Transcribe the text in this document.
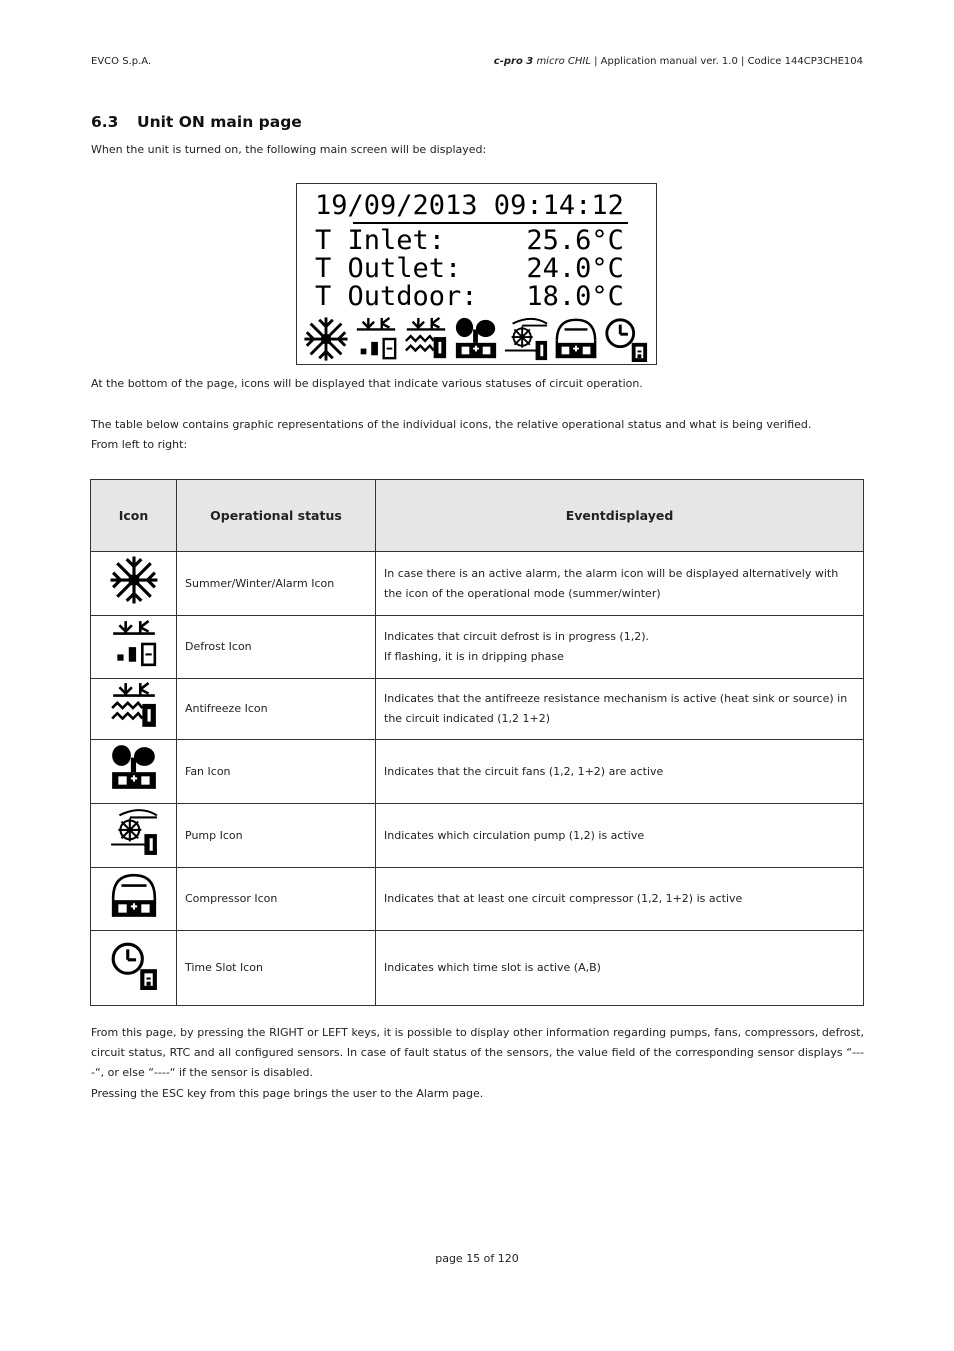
EVCO S.p.A.	c-pro 3 micro CHIL | Application manual ver. 1.0 | Codice 144CP3CHE104
6.3 Unit ON main page
When the unit is turned on, the following main screen will be displayed:
19/09/2013 09:14:12
T Inlet:     25.6°C
T Outlet:    24.0°C
T Outdoor:   18.0°C
At the bottom of the page, icons will be displayed that indicate various statuses of circuit operation.
The table below contains graphic representations of the individual icons, the relative operational status and what is being verified.
From left to right:
Icon	Operational status	Eventdisplayed
	Summer/Winter/Alarm Icon	In case there is an active alarm, the alarm icon will be displayed alternatively with the icon of the operational mode (summer/winter)
	Defrost Icon	Indicates that circuit defrost is in progress (1,2).
If flashing, it is in dripping phase
	Antifreeze Icon	Indicates that the antifreeze resistance mechanism is active (heat sink or source) in the circuit indicated (1,2 1+2)
	Fan Icon	Indicates that the circuit fans (1,2, 1+2) are active
	Pump Icon	Indicates which circulation pump (1,2) is active
	Compressor Icon	Indicates that at least one circuit compressor (1,2, 1+2) is active
	Time Slot Icon	Indicates which time slot is active (A,B)
From this page, by pressing the RIGHT or LEFT keys, it is possible to display other information regarding pumps, fans, compressors, defrost, circuit status, RTC and all configured sensors. In case of fault status of the sensors, the value field of the corresponding sensor displays “----“, or else “----“ if the sensor is disabled.
Pressing the ESC key from this page brings the user to the Alarm page.
page 15 of 120
